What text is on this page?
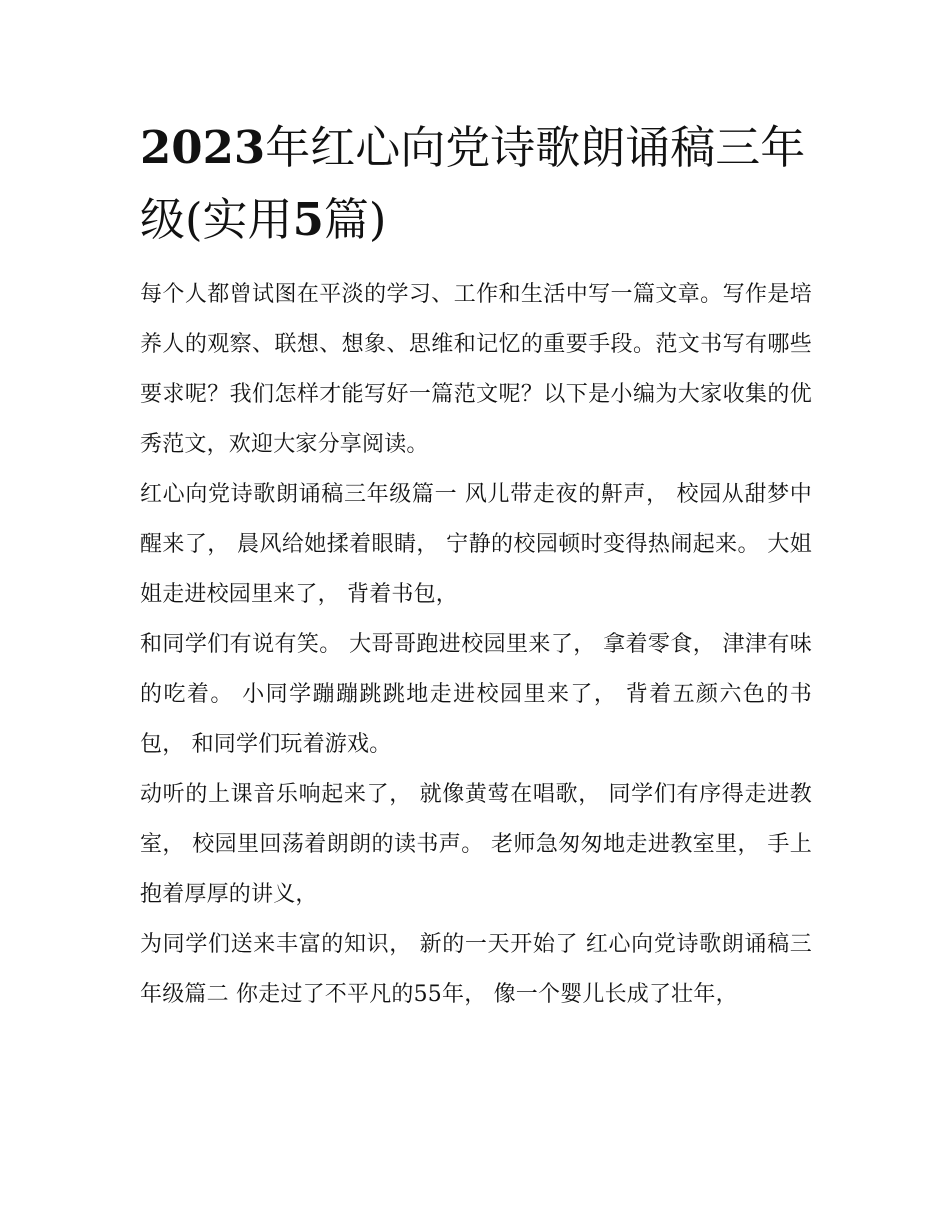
2023年红心向党诗歌朗诵稿三年级(实用5篇)

每个人都曾试图在平淡的学习、工作和生活中写一篇文章。写作是培养人的观察、联想、想象、思维和记忆的重要手段。范文书写有哪些要求呢？我们怎样才能写好一篇范文呢？以下是小编为大家收集的优秀范文，欢迎大家分享阅读。

红心向党诗歌朗诵稿三年级篇一 风儿带走夜的鼾声， 校园从甜梦中醒来了， 晨风给她揉着眼睛， 宁静的校园顿时变得热闹起来。 大姐姐走进校园里来了， 背着书包，

和同学们有说有笑。 大哥哥跑进校园里来了， 拿着零食， 津津有味的吃着。 小同学蹦蹦跳跳地走进校园里来了， 背着五颜六色的书包， 和同学们玩着游戏。

动听的上课音乐响起来了， 就像黄莺在唱歌， 同学们有序得走进教室， 校园里回荡着朗朗的读书声。 老师急匆匆地走进教室里， 手上抱着厚厚的讲义，

为同学们送来丰富的知识， 新的一天开始了 红心向党诗歌朗诵稿三年级篇二 你走过了不平凡的55年， 像一个婴儿长成了壮年，
